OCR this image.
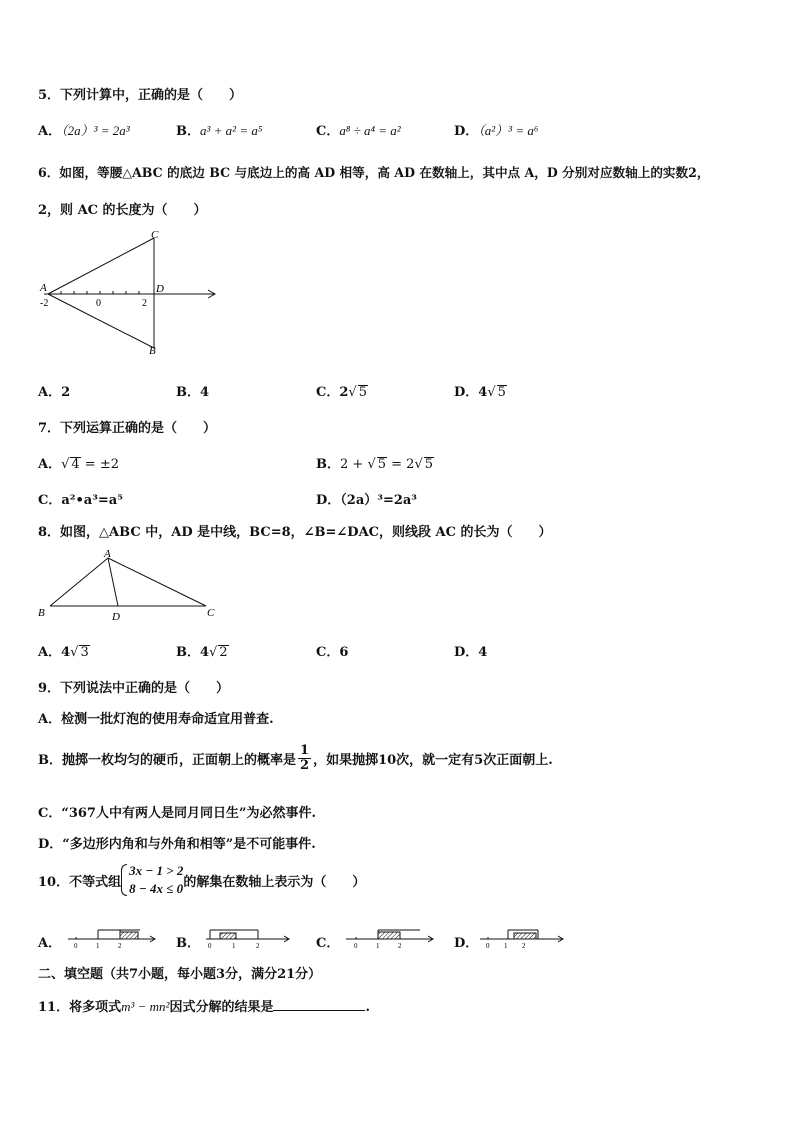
5．下列计算中，正确的是（　　）
A．（2a）³ = 2a³	B．a³ + a² = a⁵	C．a⁸ ÷ a⁴ = a²	D．（a²）³ = a⁶
6．如图，等腰△ABC 的底边 BC 与底边上的高 AD 相等，高 AD 在数轴上，其中点 A，D 分别对应数轴上的实数2，
2，则 AC 的长度为（　　）
C
A	D
B
-2	0	2
A．2	B．4	C．2√ 5	D．4√ 5
7．下列运算正确的是（　　）
A．√ 4 = ±2	B．2 + √ 5 = 2√ 5
C．a²•a³=a⁵	D．（2a）³=2a³
8．如图，△ABC 中，AD 是中线，BC=8，∠B=∠DAC，则线段 AC 的长为（　　）
A
B	D	C
A．4√ 3	B．4√ 2	C．6	D．4
9．下列说法中正确的是（　　）
A．检测一批灯泡的使用寿命适宜用普查.
B． 抛掷一枚均匀的硬币，正面朝上的概率是 $\frac{1}{2}$ ，如果抛掷10次，就一定有5次正面朝上.
C．“367人中有两人是同月同日生”为必然事件.
D．“多边形内角和与外角和相等”是不可能事件.
10．不等式组
3x − 1 > 2
8 − 4x ≤ 0 的解集在数轴上表示为（　　）
A． 0	1	2	B． 0	1	2	C． 0	1	2	D． 0 1 2
二、填空题（共7小题，每小题3分，满分21分）
11．将多项式m³ − mn²因式分解的结果是	.
